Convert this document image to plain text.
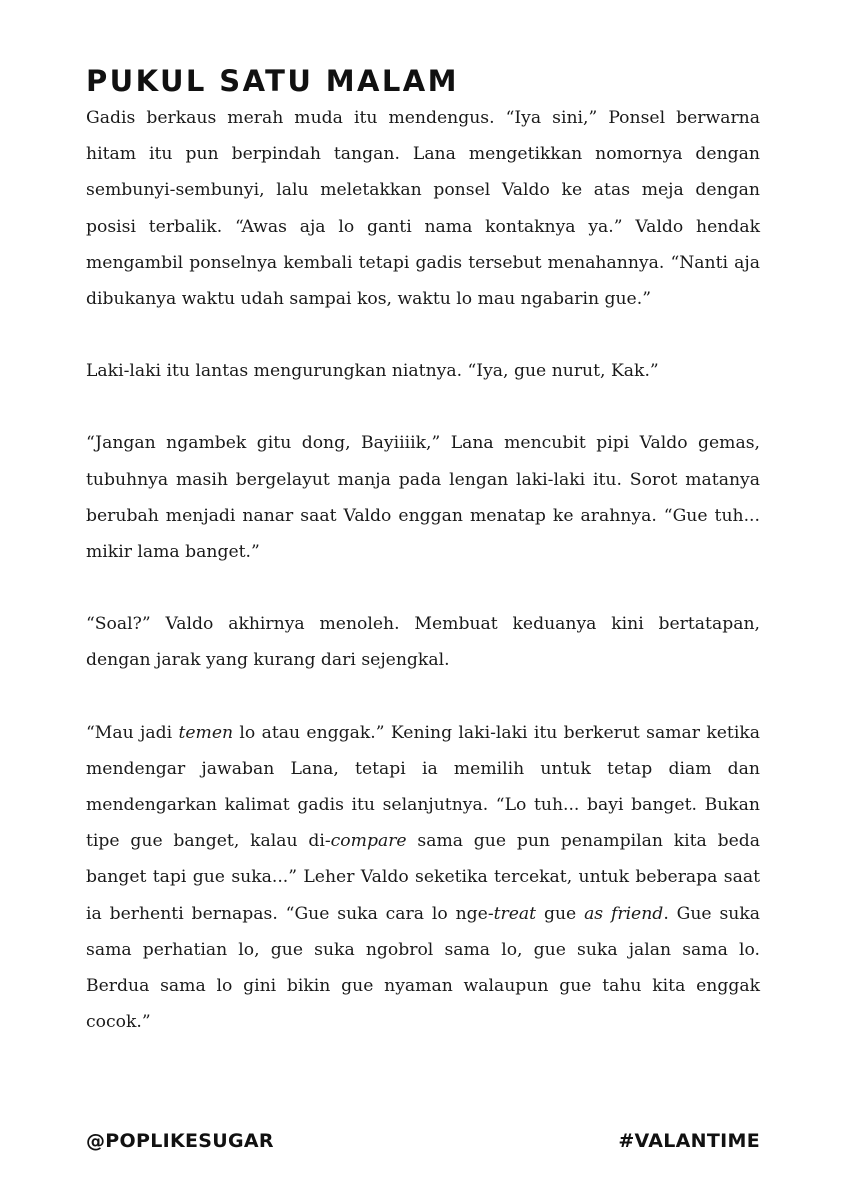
PUKUL SATU MALAM

Gadis berkaus merah muda itu mendengus. “Iya sini,” Ponsel berwarna hitam itu pun berpindah tangan. Lana mengetikkan nomornya dengan sembunyi-sembunyi, lalu meletakkan ponsel Valdo ke atas meja dengan posisi terbalik. “Awas aja lo ganti nama kontaknya ya.” Valdo hendak mengambil ponselnya kembali tetapi gadis tersebut menahannya. “Nanti aja dibukanya waktu udah sampai kos, waktu lo mau ngabarin gue.”

Laki-laki itu lantas mengurungkan niatnya. “Iya, gue nurut, Kak.”

“Jangan ngambek gitu dong, Bayiiiik,” Lana mencubit pipi Valdo gemas, tubuhnya masih bergelayut manja pada lengan laki-laki itu. Sorot matanya berubah menjadi nanar saat Valdo enggan menatap ke arahnya. “Gue tuh... mikir lama banget.”

“Soal?” Valdo akhirnya menoleh. Membuat keduanya kini bertatapan, dengan jarak yang kurang dari sejengkal.

“Mau jadi temen lo atau enggak.” Kening laki-laki itu berkerut samar ketika mendengar jawaban Lana, tetapi ia memilih untuk tetap diam dan mendengarkan kalimat gadis itu selanjutnya. “Lo tuh... bayi banget. Bukan tipe gue banget, kalau di-compare sama gue pun penampilan kita beda banget tapi gue suka...” Leher Valdo seketika tercekat, untuk beberapa saat ia berhenti bernapas. “Gue suka cara lo nge-treat gue as friend. Gue suka sama perhatian lo, gue suka ngobrol sama lo, gue suka jalan sama lo. Berdua sama lo gini bikin gue nyaman walaupun gue tahu kita enggak cocok.”

@POPLIKESUGAR	#VALANTIME
